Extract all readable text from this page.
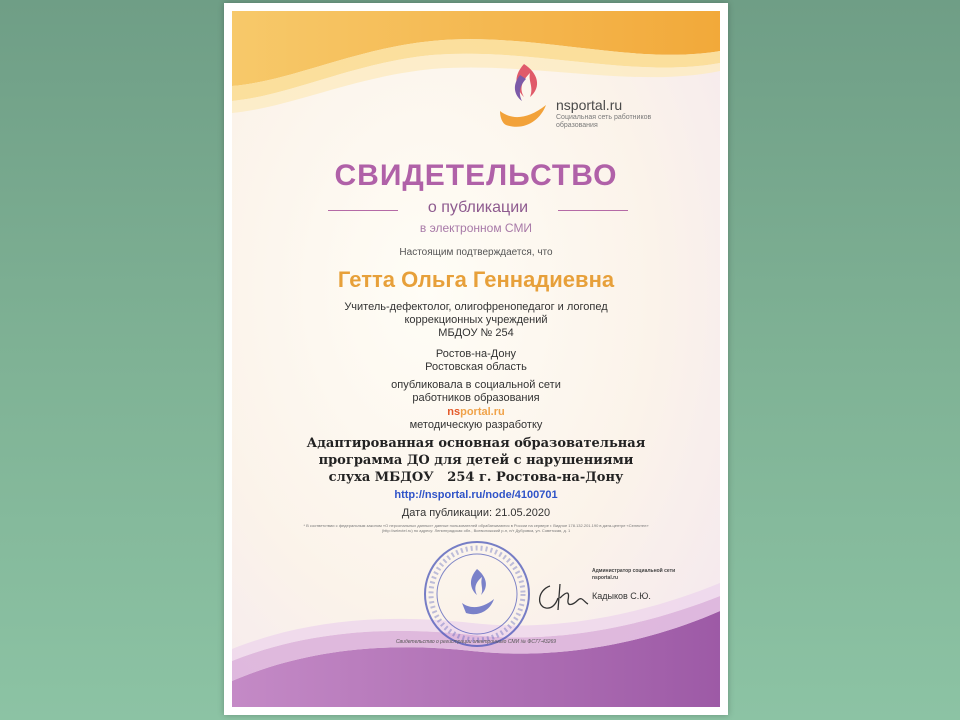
nsportal.ru
Социальная сеть работников образования
СВИДЕТЕЛЬСТВО
о публикации
в электронном СМИ
Настоящим подтверждается, что
Гетта Ольга Геннадиевна
Учитель-дефектолог, олигофренопедагог и логопед
коррекционных учреждений
МБДОУ № 254
Ростов-на-Дону
Ростовская область
опубликовала в социальной сети
работников образования
nsportal.ru
методическую разработку
Адаптированная основная образовательная
программа ДО для детей с нарушениями
слуха МБДОУ   254 г. Ростова-на-Дону
http://nsportal.ru/node/4100701
Дата публикации: 21.05.2020
* В соответствии с федеральным законом «О персональных данных» данные пользователей обрабатываются в России на сервере г. Видное 178.132.201.190 в дата-центре «Селектел» (http://selectel.ru) по адресу: Ленинградская обл., Всеволожский р-н, п/т Дубровка, ул. Советская, д. 1
Администратор социальной сети nsportal.ru
Кадыков С.Ю.
Свидетельство о регистрации электронного СМИ № ФС77-43269
